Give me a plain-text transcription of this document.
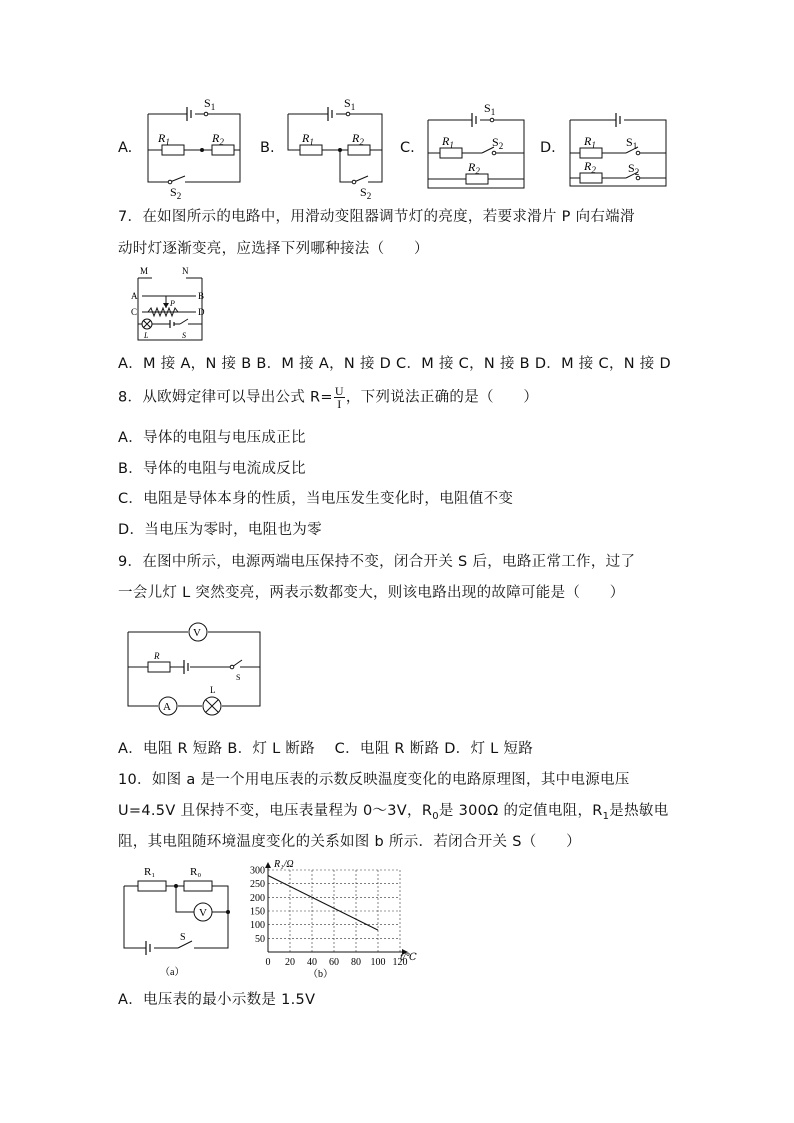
A.
$S_1$
$R_1$	$R_2$
$S_2$
B.
$S_1$
$R_1$	$R_2$
$S_2$
C.
$S_1$
$R_1$	$S_2$
$R_2$
D. $R_1$	$S_1$
$R_2$	$S_2$
7．在如图所示的电路中，用滑动变阻器调节灯的亮度，若要求滑片 P 向右端滑
动时灯逐渐变亮，应选择下列哪种接法（　　）
M	N
A	B
C	D
P
L	S
A．M 接 A，N 接 B B．M 接 A，N 接 D C．M 接 C，N 接 B D．M 接 C，N 接 D
8．从欧姆定律可以导出公式 $R= \frac{U}{I}$ ，下列说法正确的是（　　）
A．导体的电阻与电压成正比
B．导体的电阻与电流成反比
C．电阻是导体本身的性质，当电压发生变化时，电阻值不变
D．当电压为零时，电阻也为零
9．在图中所示，电源两端电压保持不变，闭合开关 S 后，电路正常工作，过了
一会儿灯 L 突然变亮，两表示数都变大，则该电路出现的故障可能是（　　）
V
A
R
S
L
A．电阻 R 短路 B．灯 L 断路　 C．电阻 R 断路 D．灯 L 短路
10．如图 a 是一个用电压表的示数反映温度变化的电路原理图，其中电源电压
U=4.5V 且保持不变，电压表量程为 0～3V，$R_0$是 300Ω 的定值电阻，$R_1$是热敏电
阻，其电阻随环境温度变化的关系如图 b 所示．若闭合开关 S（　　）
R₁	R₀
V
S
（a）
50
100
150
200
250
300
0 20 40 60 80 100 120
R₁/Ω
t/℃
（b）
A．电压表的最小示数是 1.5V
